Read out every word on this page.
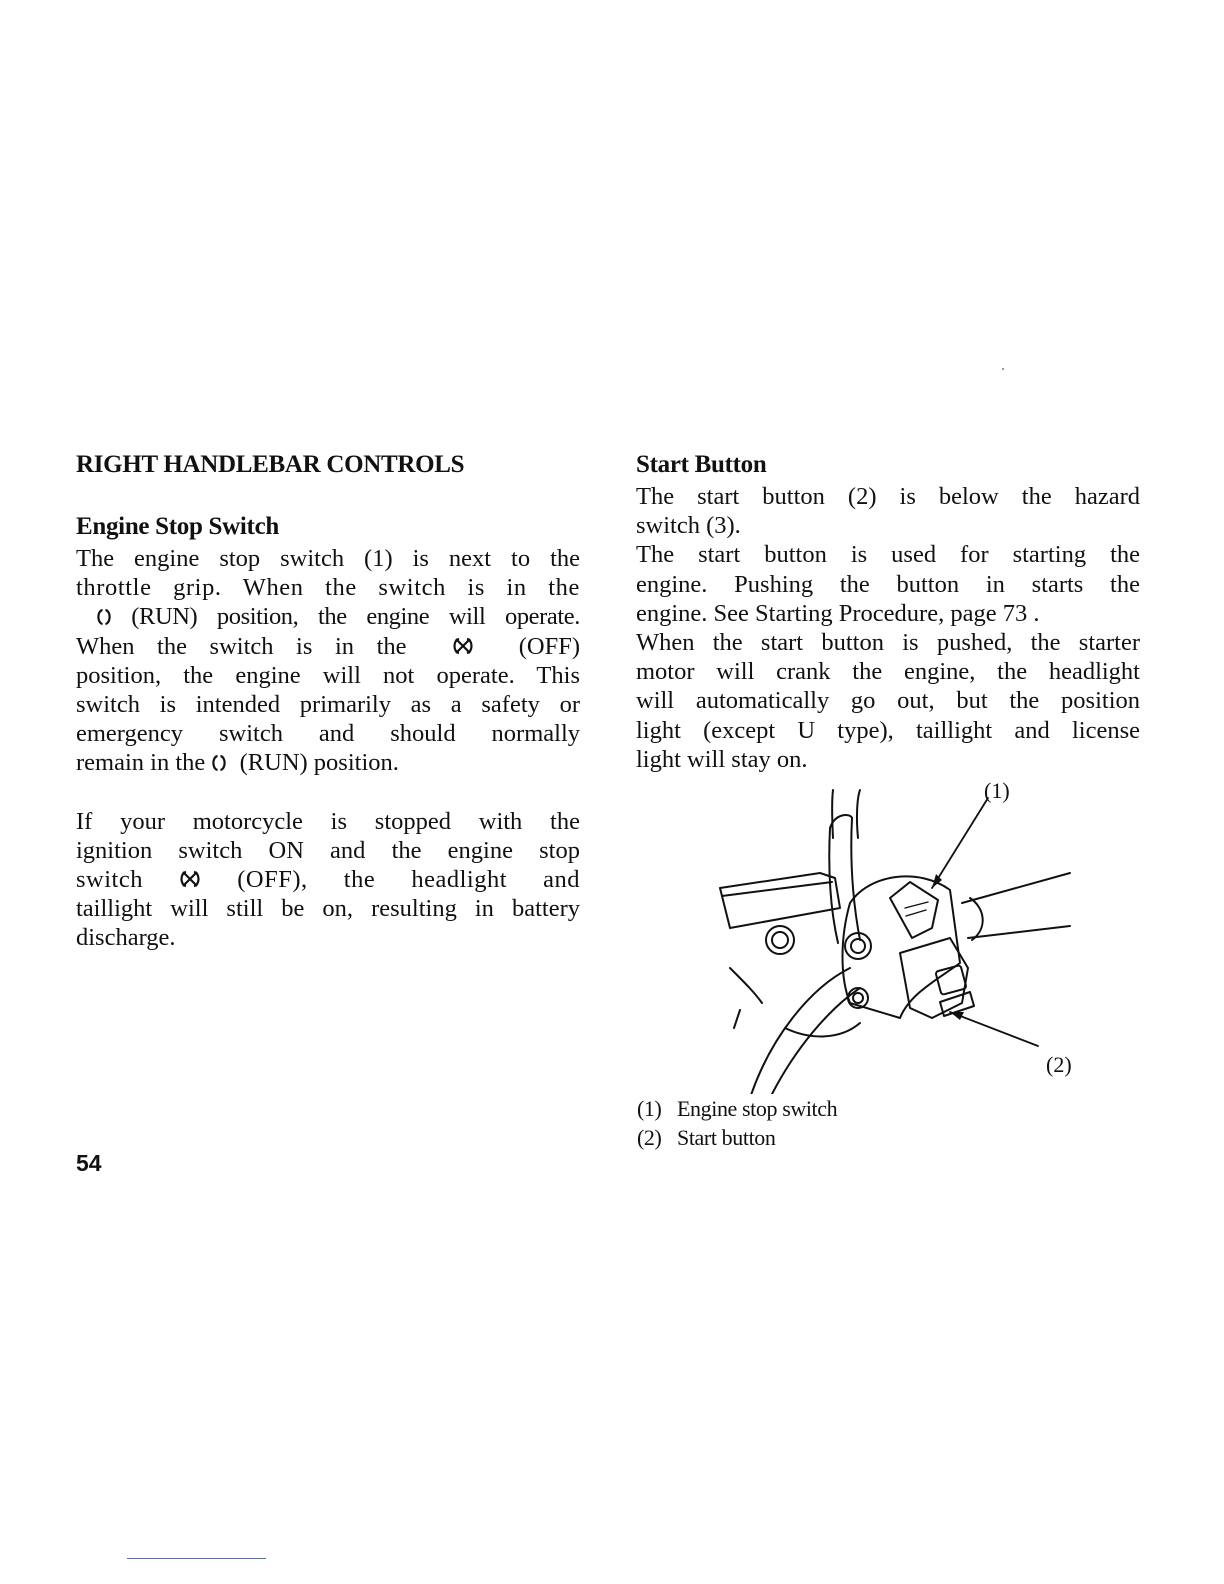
RIGHT HANDLEBAR CONTROLS
Engine Stop Switch

The engine stop switch (1) is next to the
throttle grip. When the switch is in the
(RUN) position, the engine will operate.
When the switch is in the	(OFF)
position, the engine will not operate. This
switch is intended primarily as a safety or
emergency switch and should normally
remain in the (RUN) position.

If your motorcycle is stopped with the
ignition switch ON and the engine stop
switch	(OFF), the headlight and
taillight will still be on, resulting in battery
discharge.

Start Button

The start button (2) is below the hazard
switch (3).
The start button is used for starting the
engine. Pushing the button in starts the
engine. See Starting Procedure, page 73 .
When the start button is pushed, the starter
motor will crank the engine, the headlight
will automatically go out, but the position
light (except U type), taillight and license
light will stay on.

(1)
(2)
(1) Engine stop switch
(2) Start button
54
